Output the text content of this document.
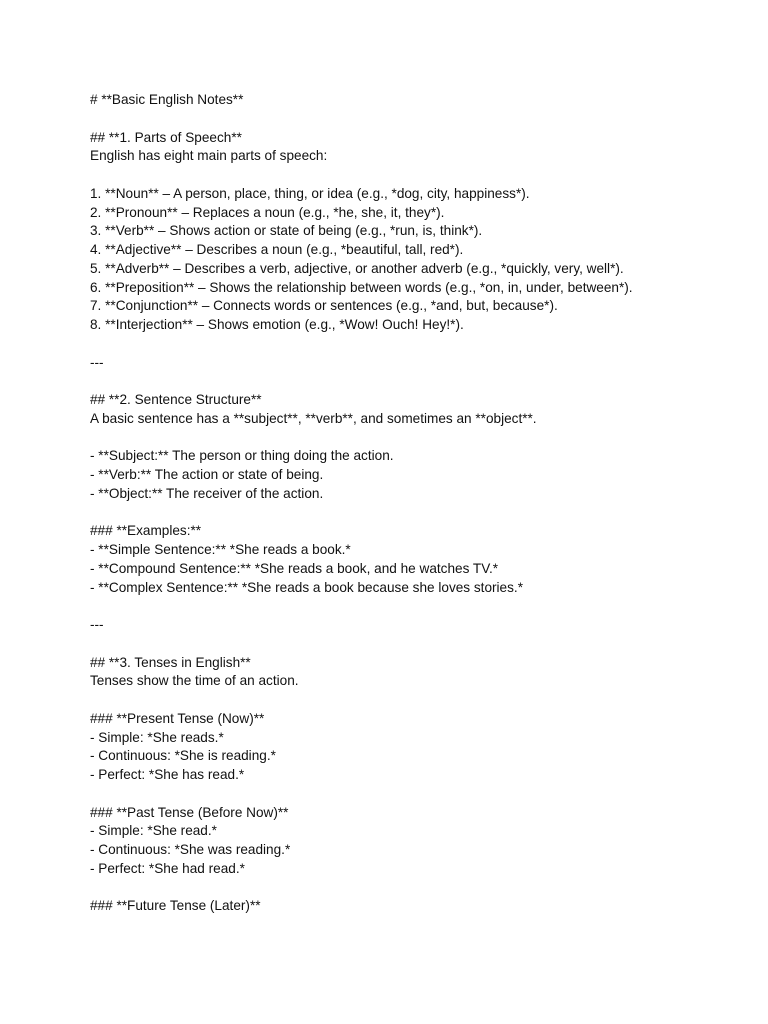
# **Basic English Notes**
## **1. Parts of Speech**
English has eight main parts of speech:
1. **Noun** – A person, place, thing, or idea (e.g., *dog, city, happiness*).
2. **Pronoun** – Replaces a noun (e.g., *he, she, it, they*).
3. **Verb** – Shows action or state of being (e.g., *run, is, think*).
4. **Adjective** – Describes a noun (e.g., *beautiful, tall, red*).
5. **Adverb** – Describes a verb, adjective, or another adverb (e.g., *quickly, very, well*).
6. **Preposition** – Shows the relationship between words (e.g., *on, in, under, between*).
7. **Conjunction** – Connects words or sentences (e.g., *and, but, because*).
8. **Interjection** – Shows emotion (e.g., *Wow! Ouch! Hey!*).
---
## **2. Sentence Structure**
A basic sentence has a **subject**, **verb**, and sometimes an **object**.
- **Subject:** The person or thing doing the action.
- **Verb:** The action or state of being.
- **Object:** The receiver of the action.
### **Examples:**
- **Simple Sentence:** *She reads a book.*
- **Compound Sentence:** *She reads a book, and he watches TV.*
- **Complex Sentence:** *She reads a book because she loves stories.*
---
## **3. Tenses in English**
Tenses show the time of an action.
### **Present Tense (Now)**
- Simple: *She reads.*
- Continuous: *She is reading.*
- Perfect: *She has read.*
### **Past Tense (Before Now)**
- Simple: *She read.*
- Continuous: *She was reading.*
- Perfect: *She had read.*
### **Future Tense (Later)**
